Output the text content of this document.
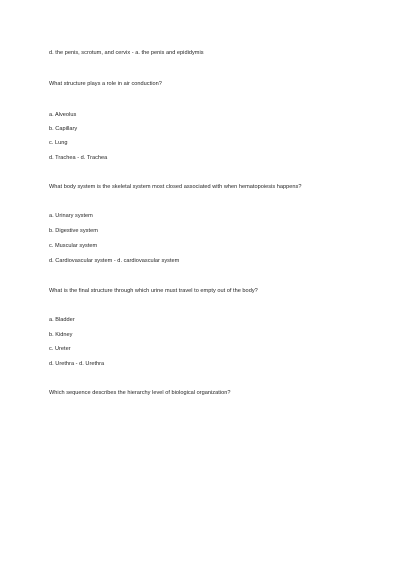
d. the penis, scrotum, and cervix - a. the penis and epididymis
What structure plays a role in air conduction?
a. Alveolus
b. Capillary
c. Lung
d. Trachea - d. Trachea
What body system is the skeletal system most closed associated with when hematopoiesis happens?
a. Urinary system
b. Digestive system
c. Muscular system
d. Cardiovascular system - d. cardiovascular system
What is the final structure through which urine must travel to empty out of the body?
a. Bladder
b. Kidney
c. Ureter
d. Urethra - d. Urethra
Which sequence describes the hierarchy level of biological organization?
